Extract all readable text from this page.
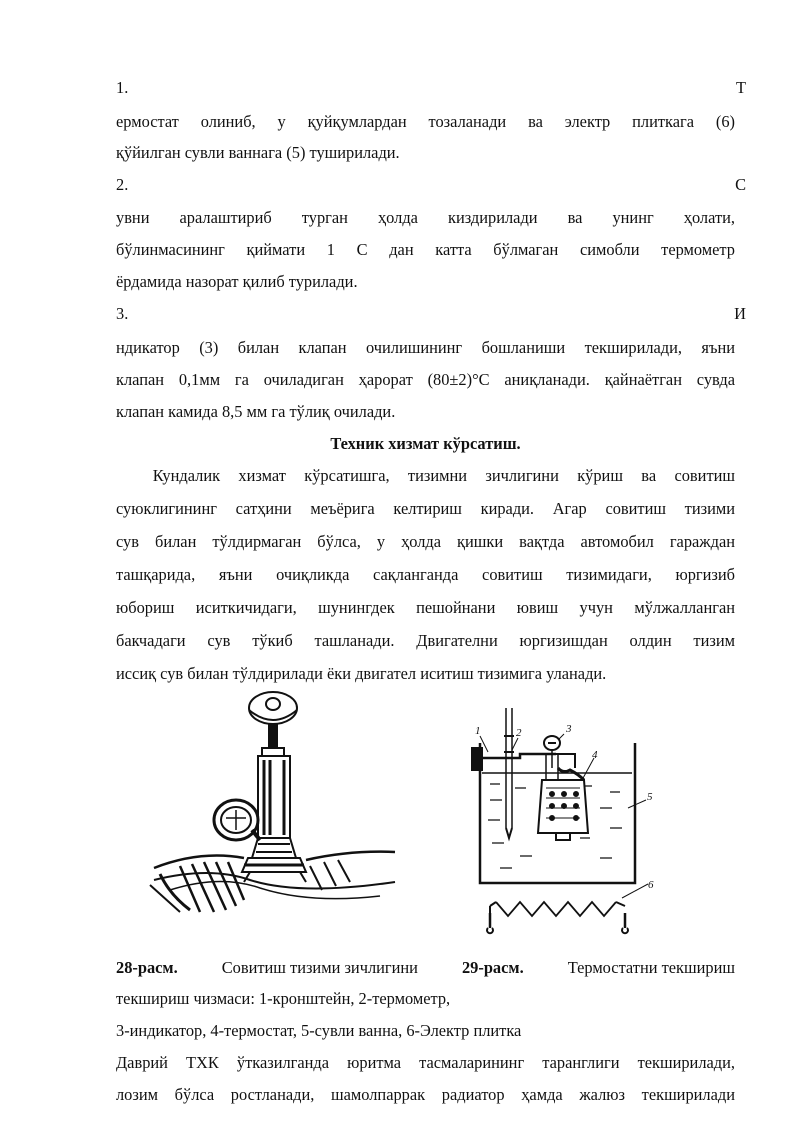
1.	Т
ермостат олиниб, у қуйқумлардан тозаланади ва электр плиткага (6)
қўйилган сувли ваннага (5) туширилади.
2.	С
увни аралаштириб турган ҳолда киздирилади ва унинг ҳолати,
бўлинмасининг қиймати 1 С дан катта бўлмаган симобли термометр
ёрдамида назорат қилиб турилади.
3.	И
ндикатор (3) билан клапан очилишининг бошланиши текширилади, яъни
клапан 0,1мм га очиладиган ҳарорат (80±2)°С аниқланади. қайнаётган сувда
клапан камида 8,5 мм га тўлиқ очилади.
Техник хизмат кўрсатиш.
Кундалик хизмат кўрсатишга, тизимни зичлигини кўриш ва совитиш
суюклигининг сатҳини меъёрига келтириш киради. Агар совитиш тизими
сув билан тўлдирмаган бўлса, у ҳолда қишки вақтда автомобил гараждан
ташқарида, яъни очиқликда сақланганда совитиш тизимидаги, юргизиб
юбориш иситкичидаги, шунингдек пешойнани ювиш учун мўлжалланган
бакчадаги сув тўкиб ташланади. Двигателни юргизишдан олдин тизим
иссиқ сув билан тўлдирилади ёки двигател иситиш тизимига уланади.
1	2	3
4
5
6
28-расм.	Совитиш тизими зичлигини	29-расм.	Термостатни текшириш
текшириш чизмаси: 1-кронштейн, 2-термометр,
3-индикатор, 4-термостат, 5-сувли ванна, 6-Электр плитка
Даврий ТХК ўтказилганда юритма тасмаларининг таранглиги текширилади,
лозим бўлса ростланади, шамолпаррак радиатор ҳамда жалюз текширилади
